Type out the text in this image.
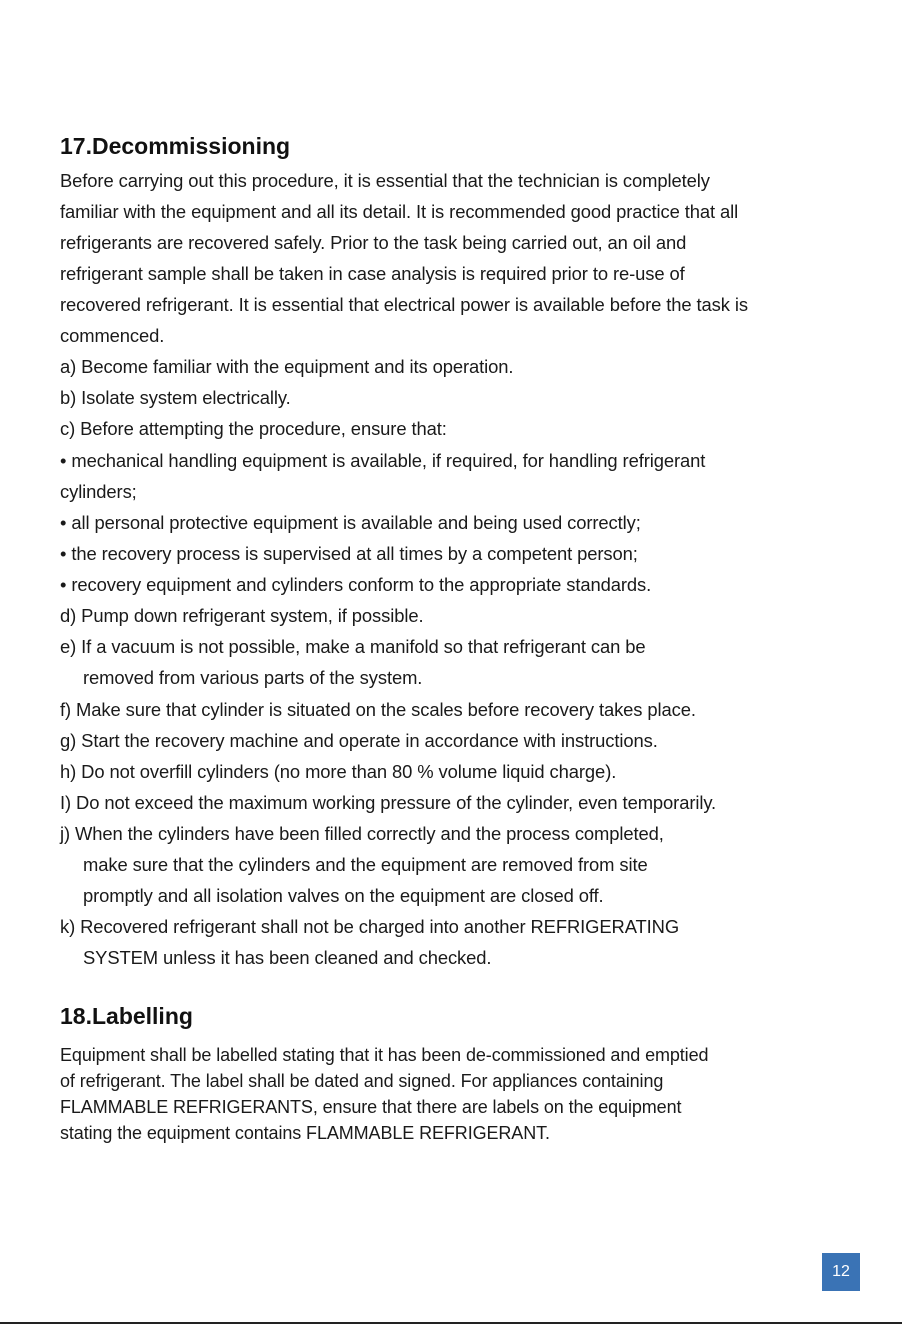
17.Decommissioning

Before carrying out this procedure, it is essential that the technician is completely

familiar with the equipment and all its detail. It is recommended good practice that all

refrigerants are recovered safely. Prior to the task being carried out, an oil and

refrigerant sample shall be taken in case analysis is required prior to re-use of

recovered refrigerant. It is essential that electrical power is available before the task is

commenced.

a) Become familiar with the equipment and its operation.

b) Isolate system electrically.

c) Before attempting the procedure, ensure that:

• mechanical handling equipment is available, if required, for handling refrigerant

cylinders;

• all personal protective equipment is available and being used correctly;

• the recovery process is supervised at all times by a competent person;

• recovery equipment and cylinders conform to the appropriate standards.

d) Pump down refrigerant system, if possible.

e) If a vacuum is not possible, make a manifold so that refrigerant can be

removed from various parts of the system.

f) Make sure that cylinder is situated on the scales before recovery takes place.

g) Start the recovery machine and operate in accordance with instructions.

h) Do not overfill cylinders (no more than 80 % volume liquid charge).

I) Do not exceed the maximum working pressure of the cylinder, even temporarily.

j) When the cylinders have been filled correctly and the process completed,

make sure that the cylinders and the equipment are removed from site

promptly and all isolation valves on the equipment are closed off.

k) Recovered refrigerant shall not be charged into another REFRIGERATING

SYSTEM unless it has been cleaned and checked.

18.Labelling

Equipment shall be labelled stating that it has been de-commissioned and emptied

of refrigerant. The label shall be dated and signed. For appliances containing

FLAMMABLE REFRIGERANTS, ensure that there are labels on the equipment

stating the equipment contains FLAMMABLE REFRIGERANT.

12
